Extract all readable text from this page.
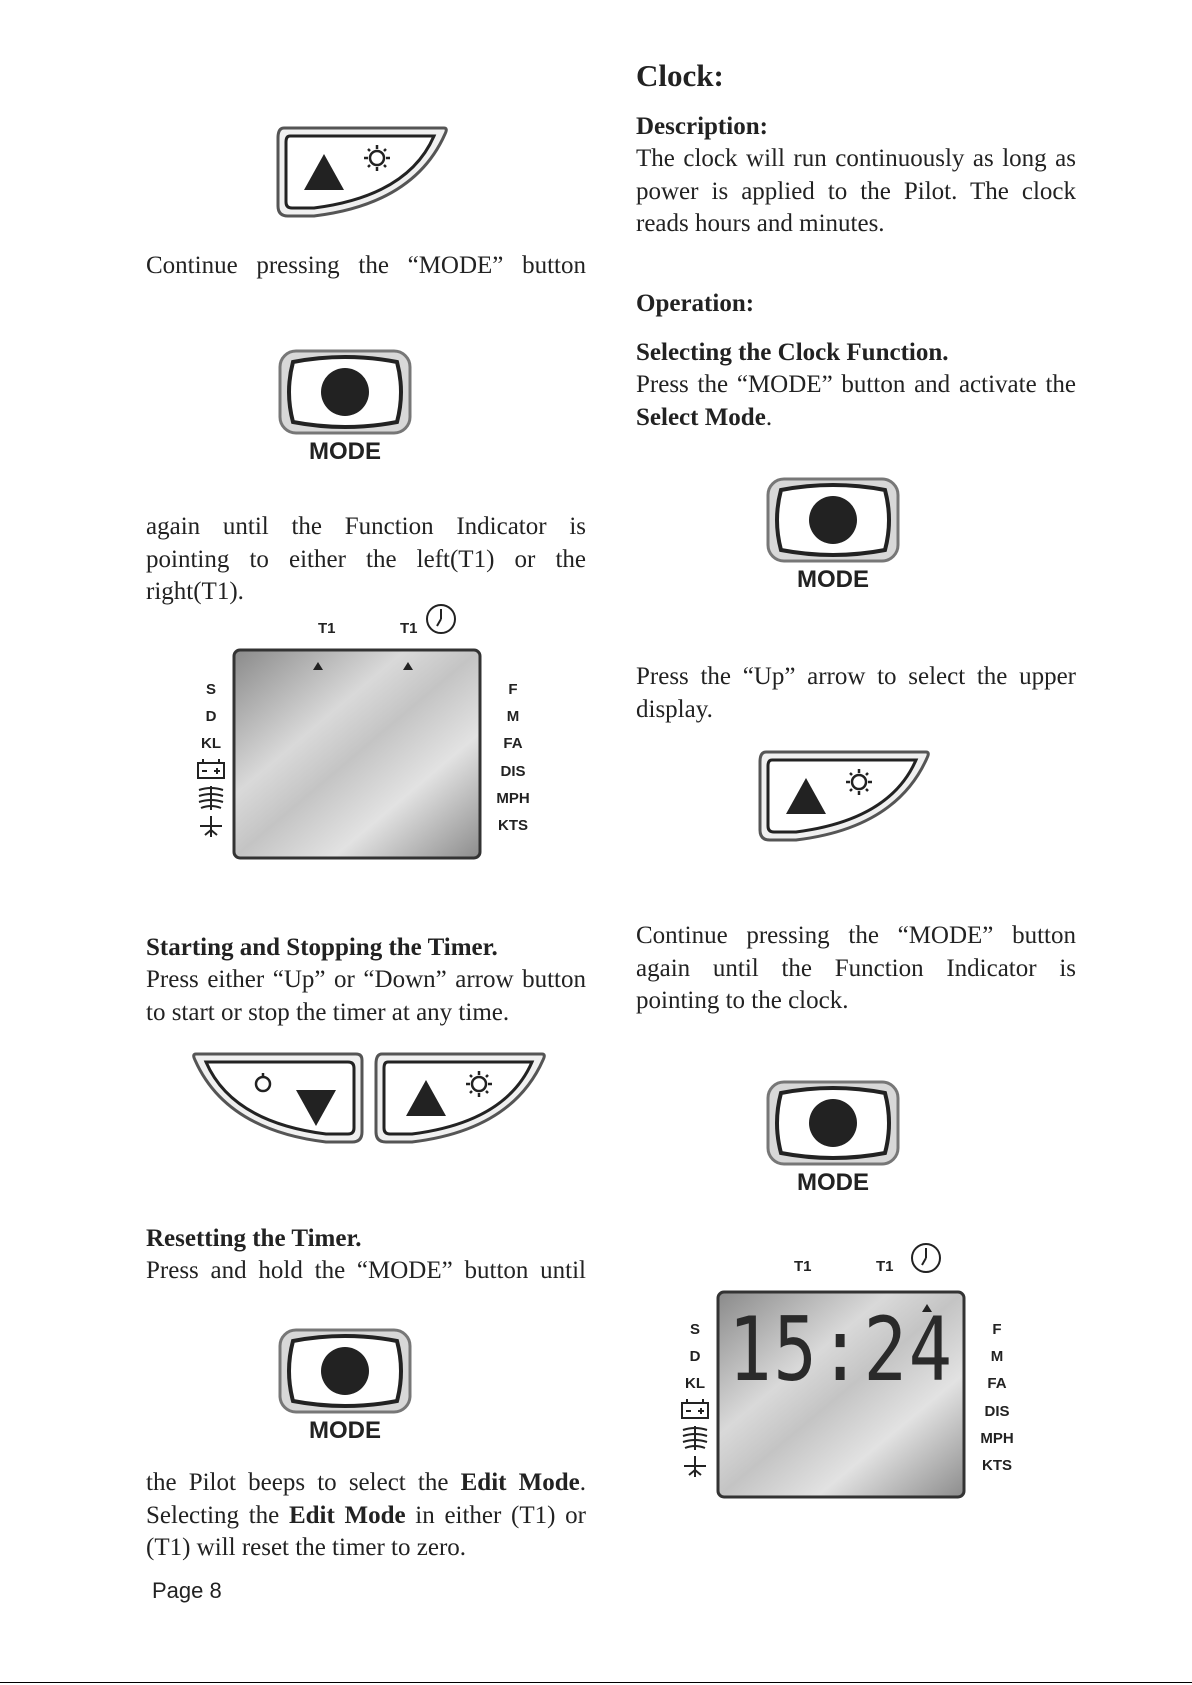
Continue pressing the “MODE” button
MODE
again until the Function Indicator is pointing to either the left(T1) or the right(T1).
T1	T1
S
D
KL
F
M
FA
DIS
MPH
KTS
Starting and Stopping the Timer.
Press either “Up” or “Down” arrow button to start or stop the timer at any time.
Resetting the Timer.
Press and hold the “MODE” button until
MODE
the Pilot beeps to select the Edit Mode. Selecting the Edit Mode in either (T1) or (T1) will reset the timer to zero.
Page 8
Clock:
Description:
The clock will run continuously as long as power is applied to the Pilot. The clock reads hours and minutes.
Operation:
Selecting the Clock Function.
Press the “MODE” button and activate the Select Mode.
MODE
Press the “Up” arrow to select the upper display.
Continue pressing the “MODE” button again until the Function Indicator is pointing to the clock.
MODE
T1	T1
15:24
S
D
KL
F
M
FA
DIS
MPH
KTS
